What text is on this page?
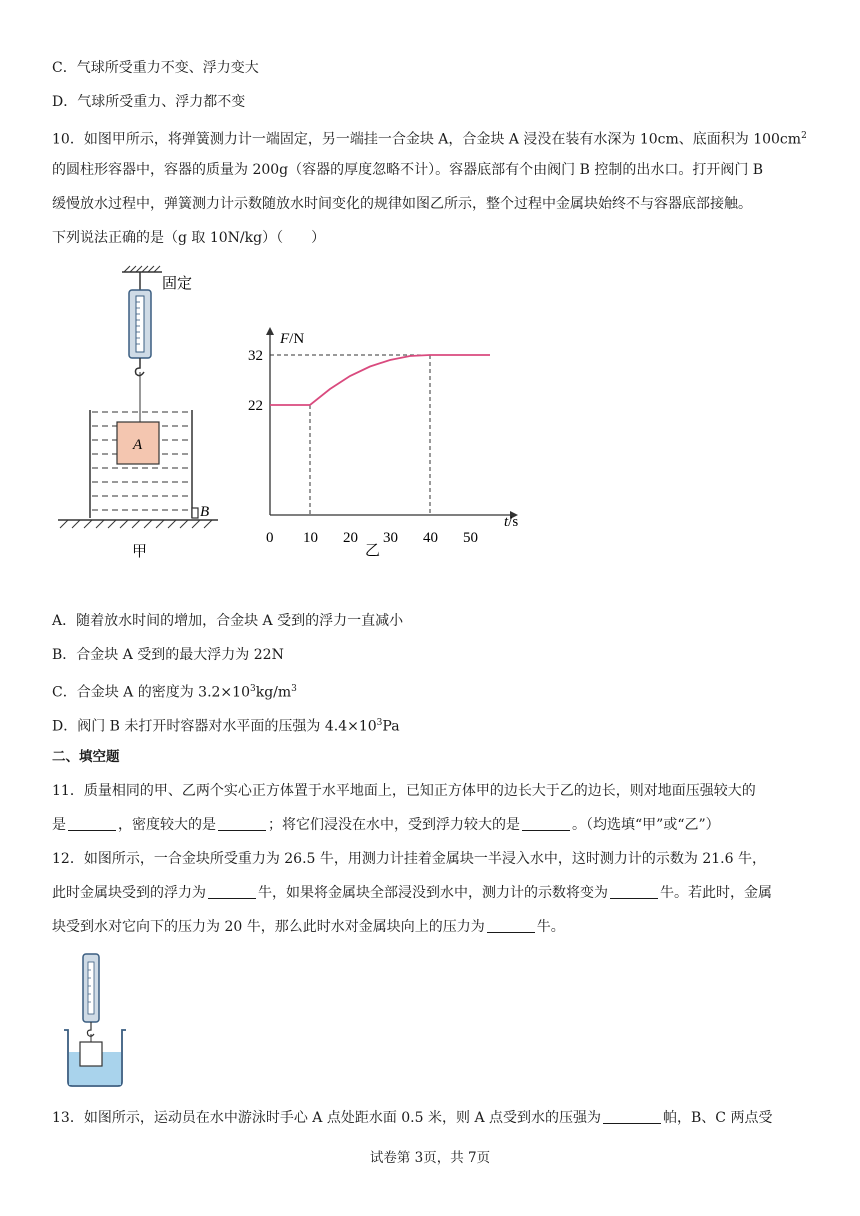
C．气球所受重力不变、浮力变大
D．气球所受重力、浮力都不变
10．如图甲所示，将弹簧测力计一端固定，另一端挂一合金块 A，合金块 A 浸没在装有水深为 10cm、底面积为 $100cm^2$
的圆柱形容器中，容器的质量为 200g（容器的厚度忽略不计）。容器底部有个由阀门 B 控制的出水口。打开阀门 B
缓慢放水过程中，弹簧测力计示数随放水时间变化的规律如图乙所示，整个过程中金属块始终不与容器底部接触。
下列说法正确的是（g 取 10N/kg）（　　）
固定
A
B
甲
F/N
t/s
0 10 20 30 40 50
22
32
乙
A．随着放水时间的增加，合金块 A 受到的浮力一直减小
B．合金块 A 受到的最大浮力为 22N
C．合金块 A 的密度为 $3.2\times 10^3kg/m^3$
D．阀门 B 未打开时容器对水平面的压强为 $4.4\times 10^3Pa$
二、填空题
11．质量相同的甲、乙两个实心正方体置于水平地面上，已知正方体甲的边长大于乙的边长，则对地面压强较大的
是	，密度较大的是	；将它们浸没在水中，受到浮力较大的是	。（均选填“甲”或“乙”）
12．如图所示，一合金块所受重力为 26.5 牛，用测力计挂着金属块一半浸入水中，这时测力计的示数为 21.6 牛，
此时金属块受到的浮力为	牛，如果将金属块全部浸没到水中，测力计的示数将变为	牛。若此时，金属
块受到水对它向下的压力为 20 牛，那么此时水对金属块向上的压力为	牛。
13．如图所示，运动员在水中游泳时手心 A 点处距水面 0.5 米，则 A 点受到水的压强为	帕，B、C 两点受
试卷第 3页，共 7页
